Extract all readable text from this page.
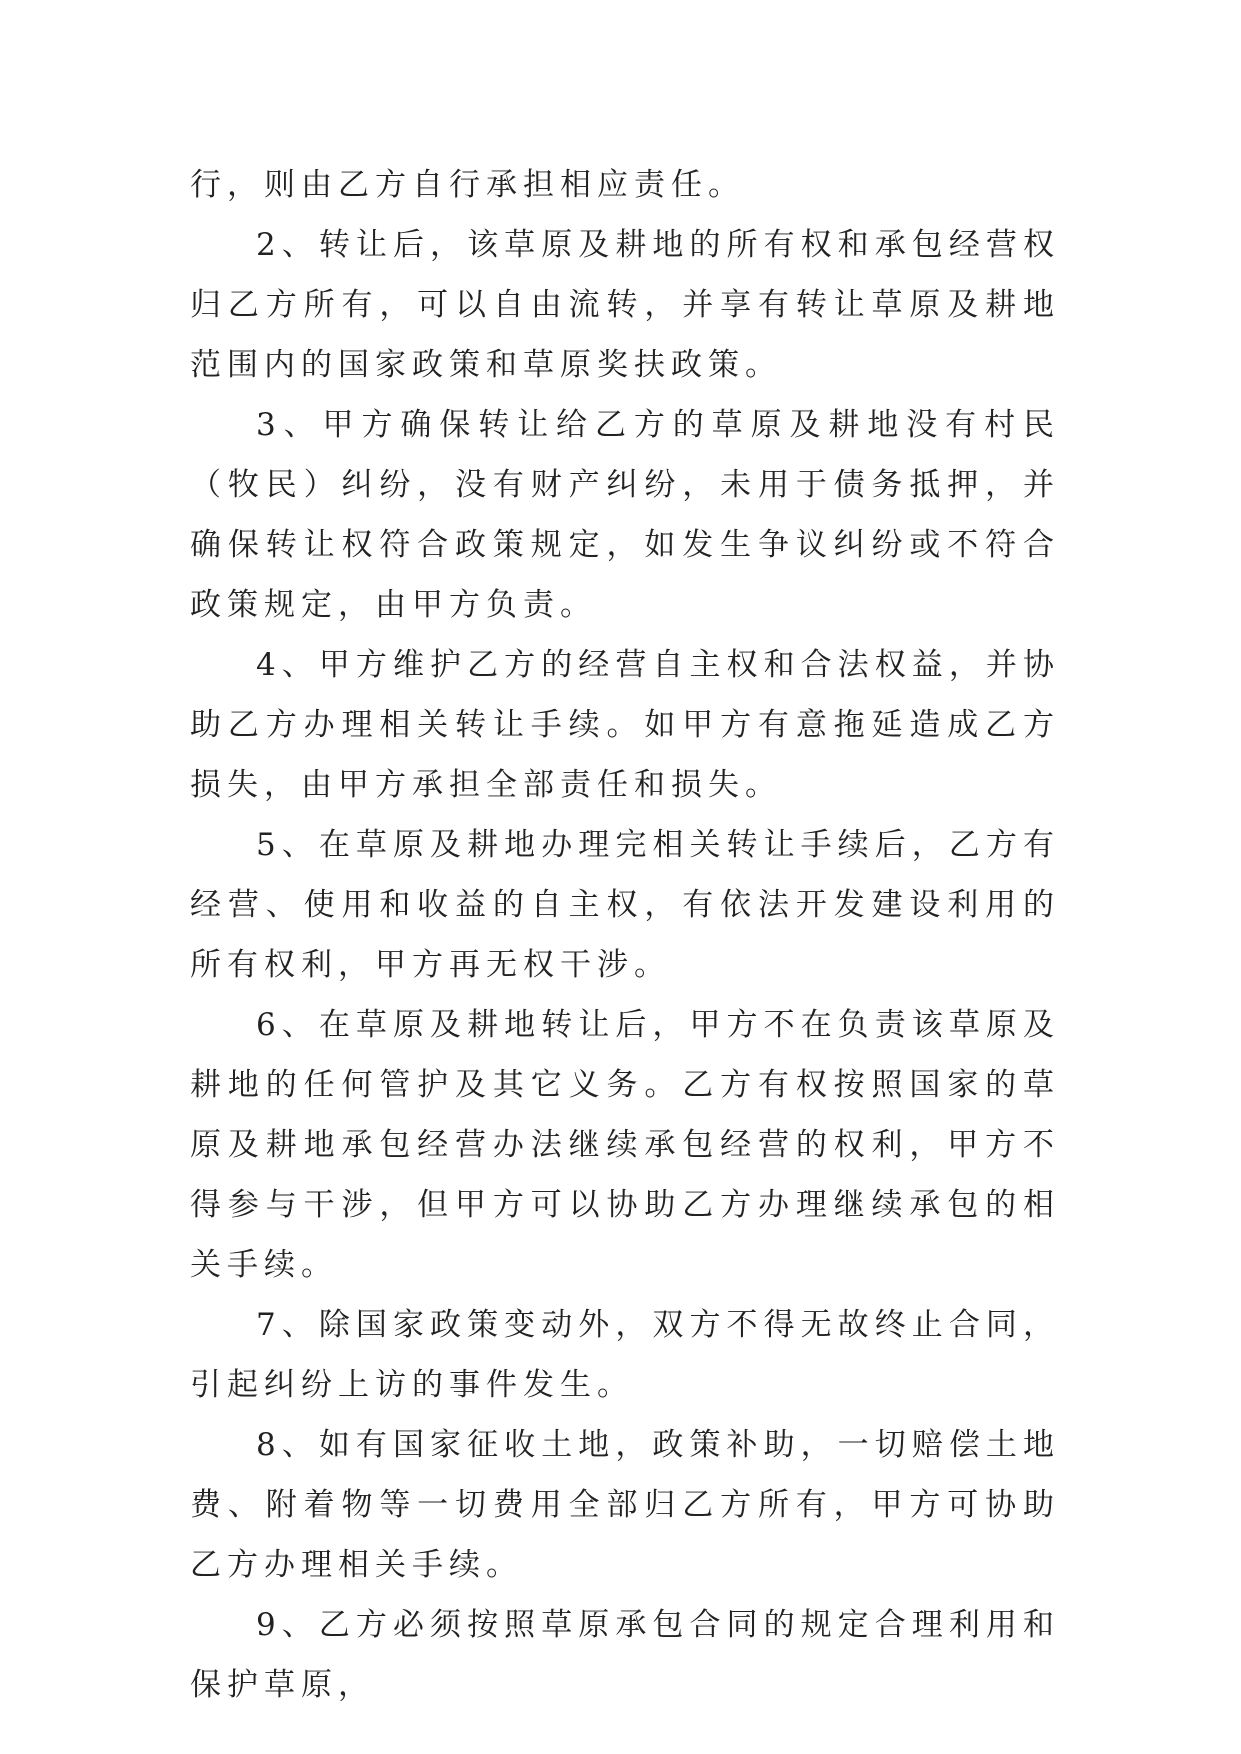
行，则由乙方自行承担相应责任。

2、转让后，该草原及耕地的所有权和承包经营权归乙方所有，可以自由流转，并享有转让草原及耕地范围内的国家政策和草原奖扶政策。

3、甲方确保转让给乙方的草原及耕地没有村民（牧民）纠纷，没有财产纠纷，未用于债务抵押，并确保转让权符合政策规定，如发生争议纠纷或不符合政策规定，由甲方负责。

4、甲方维护乙方的经营自主权和合法权益，并协助乙方办理相关转让手续。如甲方有意拖延造成乙方损失，由甲方承担全部责任和损失。

5、在草原及耕地办理完相关转让手续后，乙方有经营、使用和收益的自主权，有依法开发建设利用的所有权利，甲方再无权干涉。

6、在草原及耕地转让后，甲方不在负责该草原及耕地的任何管护及其它义务。乙方有权按照国家的草原及耕地承包经营办法继续承包经营的权利，甲方不得参与干涉，但甲方可以协助乙方办理继续承包的相关手续。

7、除国家政策变动外，双方不得无故终止合同，引起纠纷上访的事件发生。

8、如有国家征收土地，政策补助，一切赔偿土地费、附着物等一切费用全部归乙方所有，甲方可协助乙方办理相关手续。

9、乙方必须按照草原承包合同的规定合理利用和保护草原，
